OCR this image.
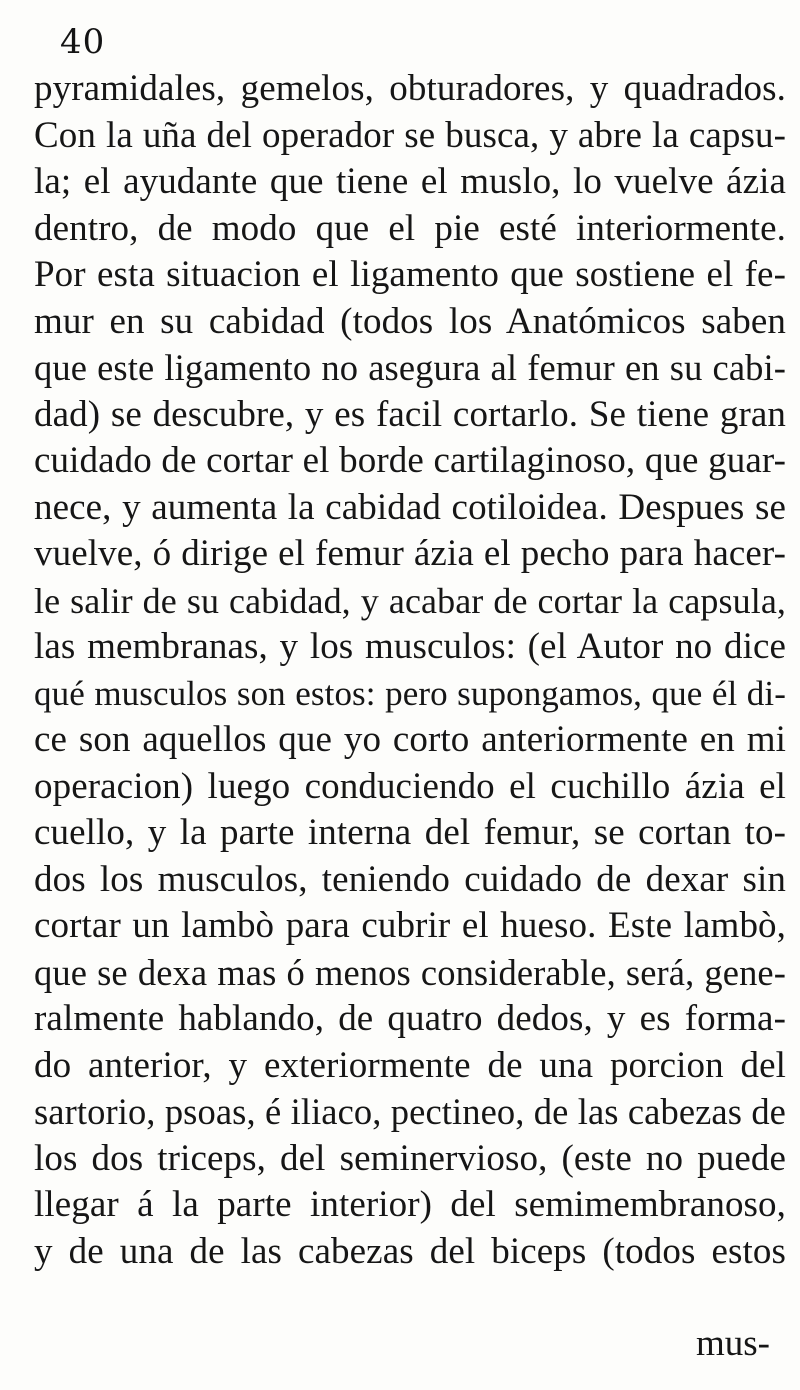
40
pyramidales, gemelos, obturadores, y quadrados.
Con la uña del operador se busca, y abre la capsu-
la; el ayudante que tiene el muslo, lo vuelve ázia
dentro, de modo que el pie esté interiormente.
Por esta situacion el ligamento que sostiene el fe-
mur en su cabidad (todos los Anatómicos saben
que este ligamento no asegura al femur en su cabi-
dad) se descubre, y es facil cortarlo. Se tiene gran
cuidado de cortar el borde cartilaginoso, que guar-
nece, y aumenta la cabidad cotiloidea. Despues se
vuelve, ó dirige el femur ázia el pecho para hacer-
le salir de su cabidad, y acabar de cortar la capsula,
las membranas, y los musculos: (el Autor no dice
qué musculos son estos: pero supongamos, que él di-
ce son aquellos que yo corto anteriormente en mi
operacion) luego conduciendo el cuchillo ázia el
cuello, y la parte interna del femur, se cortan to-
dos los musculos, teniendo cuidado de dexar sin
cortar un lambò para cubrir el hueso. Este lambò,
que se dexa mas ó menos considerable, será, gene-
ralmente hablando, de quatro dedos, y es forma-
do anterior, y exteriormente de una porcion del
sartorio, psoas, é iliaco, pectineo, de las cabezas de
los dos triceps, del seminervioso, (este no puede
llegar á la parte interior) del semimembranoso,
y de una de las cabezas del biceps (todos estos
mus-
